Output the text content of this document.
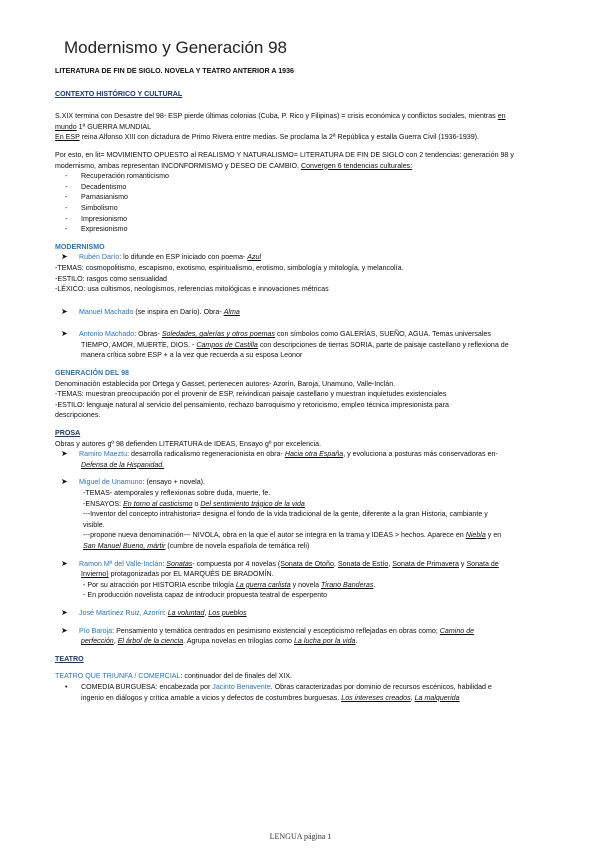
Modernismo y Generación 98
LITERATURA DE FIN DE SIGLO. NOVELA Y TEATRO ANTERIOR A 1936
CONTEXTO HISTÓRICO Y CULTURAL
S.XIX termina con Desastre del 98- ESP pierde últimas colonias (Cuba, P. Rico y Filipinas) = crisis económica y conflictos sociales, mientras en
mundo 1ª GUERRA MUNDIAL
En ESP reina Alfonso XIII con dictadura de Primo Rivera entre medias. Se proclama la 2ª República y estalla Guerra Civil (1936-1939).
Por esto, en lit= MOVIMIENTO OPUESTO al REALISMO Y NATURALISMO= LITERATURA DE FIN DE SIGLO con 2 tendencias: generación 98 y
modernismo, ambas representan INCONFORMISMO y DESEO DE CAMBIO. Convergen 6 tendencias culturales:
- Recuperación romanticismo
- Decadentismo
- Parnasianismo
- Simbolismo
- Impresionismo
- Expresionismo
MODERNISMO
➤ Rubén Darío: lo difunde en ESP iniciado con poema- Azul
-TEMAS: cosmopolitismo, escapismo, exotismo, espiritualismo, erotismo, simbología y mitología, y melancolía.
-ESTILO: rasgos como sensualidad
-LÉXICO: usa cultismos, neologismos, referencias mitológicas e innovaciones métricas
➤ Manuel Machado (se inspira en Darío). Obra- Alma
➤ Antonio Machado: Obras- Soledades, galerías y otros poemas con símbolos como GALERÍAS, SUEÑO, AGUA. Temas universales
TIEMPO, AMOR, MUERTE, DIOS. - Campos de Castilla con descripciones de tierras SORIA, parte de paisaje castellano y reflexiona de
manera crítica sobre ESP + a la vez que recuerda a su esposa Leonor
GENERACIÓN DEL 98
Denominación establecida por Ortega y Gasset, pertenecen autores- Azorín, Baroja, Unamuno, Valle-Inclán.
-TEMAS: muestran preocupación por el provenir de ESP, reivindican paisaje castellano y muestran inquietudes existenciales
-ESTILO: lenguaje natural al servicio del pensamiento, rechazo barroquismo y retoricismo, empleo técnica impresionista para
descripciones.
PROSA
Obras y autores gº 98 defienden LITERATURA de IDEAS, Ensayo gº por excelencia.
➤ Ramiro Maeztu: desarrolla radicalismo regeneracionista en obra- Hacia otra España, y evoluciona a posturas más conservadoras en-
Defensa de la Hispanidad.
➤ Miguel de Unamuno: (ensayo + novela).
-TEMAS- atemporales y reflexionas sobre duda, muerte, fe.
-ENSAYOS: En torno al casticismo o Del sentimiento trágico de la vida
---Inventor del concepto intrahistoria= designa el fondo de la vida tradicional de la gente, diferente a la gran Historia, cambiante y
visible.
---propone nueva denominación--- NIVOLA, obra en la que el autor se integra en la trama y IDEAS > hechos. Aparece en Niebla y en
San Manuel Bueno, mártir (cumbre de novela española de temática reli)
➤ Ramon Mª del Valle-Inclán: Sonatas- compuesta por 4 novelas (Sonata de Otoño, Sonata de Estío, Sonata de Primavera y Sonata de
Invierno) protagonizadas por EL MARQUÉS DE BRADOMÍN.
- Por su atracción por HISTORIA escribe trilogía La guerra carlista y novela Tirano Banderas.
- En producción novelista capaz de introducir propuesta teatral de esperpento
➤ José Martínez Ruiz, Azorín: La voluntad, Los pueblos
➤ Pío Baroja: Pensamiento y temática centrados en pesimismo existencial y escepticismo reflejadas en obras como; Camino de
perfección, El árbol de la ciencia. Agrupa novelas en trilogías como La lucha por la vida.
TEATRO
TEATRO QUE TRIUNFA / COMERCIAL: continuador del de finales del XIX.
• COMEDIA BURGUESA: encabezada por Jacinto Benavente. Obras caracterizadas por dominio de recursos escénicos, habilidad e
ingenio en diálogos y crítica amable a vicios y defectos de costumbres burguesas. Los intereses creados, La malquerida
LENGUA página 1
